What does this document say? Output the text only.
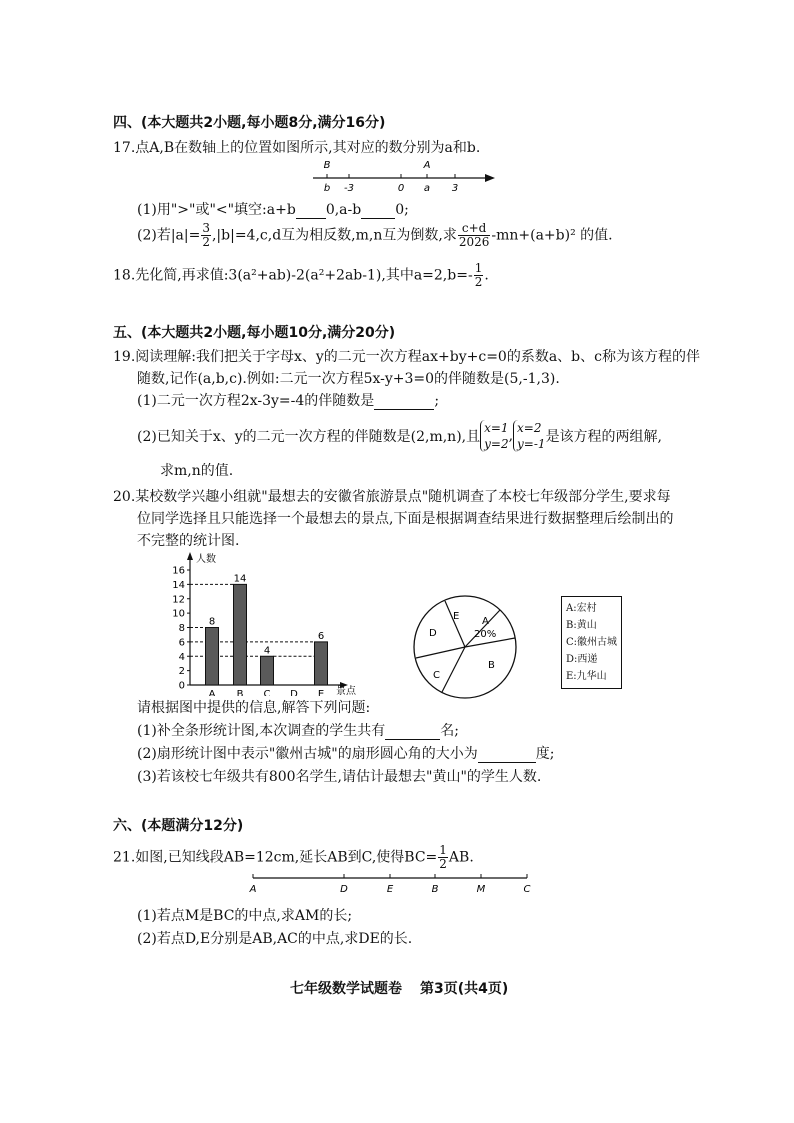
四、(本大题共2小题,每小题8分,满分16分)
17.点A,B在数轴上的位置如图所示,其对应的数分别为a和b.
b -3	0 a 3
B	A
(1)用">"或"<"填空:a+b 0,a-b 0;
(2)若$|a|= \frac{3}{2} ,|b|=4,c,d$互为相反数,m,n互为倒数,求 $\frac{c+d}{2026} -mn+(a+b)^2$ 的值.
18.先化简,再求值:3(a²+ab)-2(a²+2ab-1),其中$a=2,b=- \frac{1}{2}$ .
五、(本大题共2小题,每小题10分,满分20分)
19.阅读理解:我们把关于字母x、y的二元一次方程ax+by+c=0的系数a、b、c称为该方程的伴
随数,记作(a,b,c).例如:二元一次方程5x-y+3=0的伴随数是(5,-1,3).
(1)二元一次方程2x-3y=-4的伴随数是	;
(2)已知关于x、y的二元一次方程的伴随数是(2,m,n),且x=1
y=2, x=2
y=-1是该方程的两组解,
求m,n的值.
20.某校数学兴趣小组就"最想去的安徽省旅游景点"随机调查了本校七年级部分学生,要求每
位同学选择且只能选择一个最想去的景点,下面是根据调查结果进行数据整理后绘制出的
不完整的统计图.
人数
景点
0
2
4
6
8
10
12
14
16
A B C D E
8
14
4
6
A
20%
B
C
D
E
A:宏村
B:黄山
C:徽州古城
D:西递
E:九华山
请根据图中提供的信息,解答下列问题:
(1)补全条形统计图,本次调查的学生共有	名;
(2)扇形统计图中表示"徽州古城"的扇形圆心角的大小为	度;
(3)若该校七年级共有800名学生,请估计最想去"黄山"的学生人数.
六、(本题满分12分)
21.如图,已知线段AB=12cm,延长AB到C,使得$BC= \frac{1}{2}$ AB.
A	D	E	B	M	C
(1)若点M是BC的中点,求AM的长;
(2)若点D,E分别是AB,AC的中点,求DE的长.
七年级数学试题卷 第3页(共4页)
